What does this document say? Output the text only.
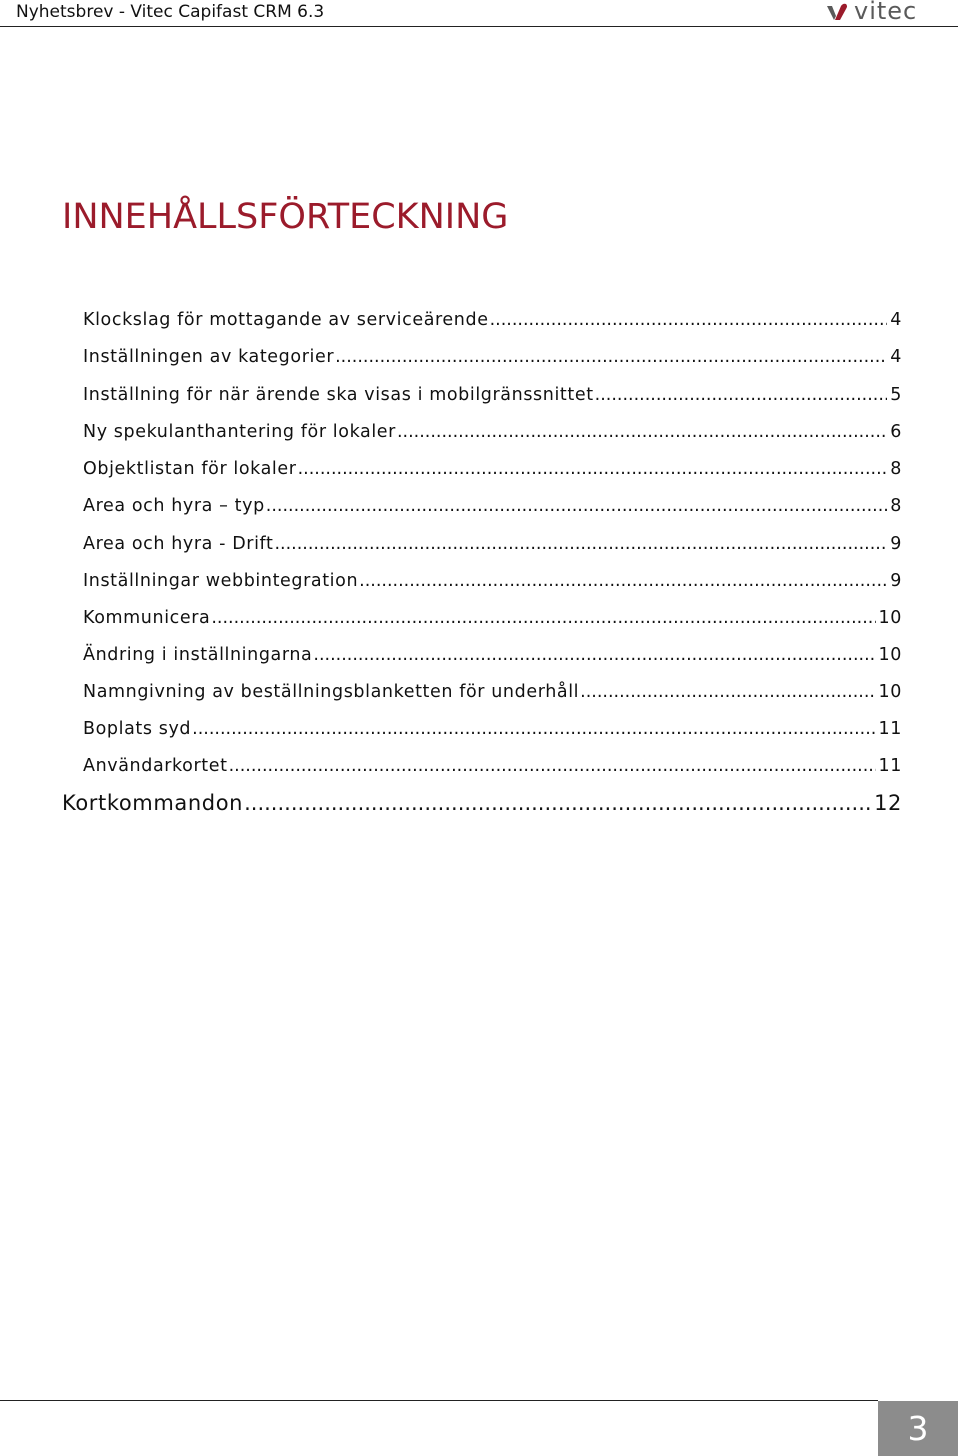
Nyhetsbrev - Vitec Capifast CRM 6.3	vitec
INNEHÅLLSFÖRTECKNING
Klockslag för mottagande av serviceärende .....	4
Inställningen av kategorier .....	4
Inställning för när ärende ska visas i mobilgränssnittet .....	5
Ny spekulanthantering för lokaler .....	6
Objektlistan för lokaler .....	8
Area och hyra – typ .....	8
Area och hyra - Drift .....	9
Inställningar webbintegration .....	9
Kommunicera .....	10
Ändring i inställningarna .....	10
Namngivning av beställningsblanketten för underhåll .....	10
Boplats syd .....	11
Användarkortet .....	11
Kortkommandon .....	12
3
